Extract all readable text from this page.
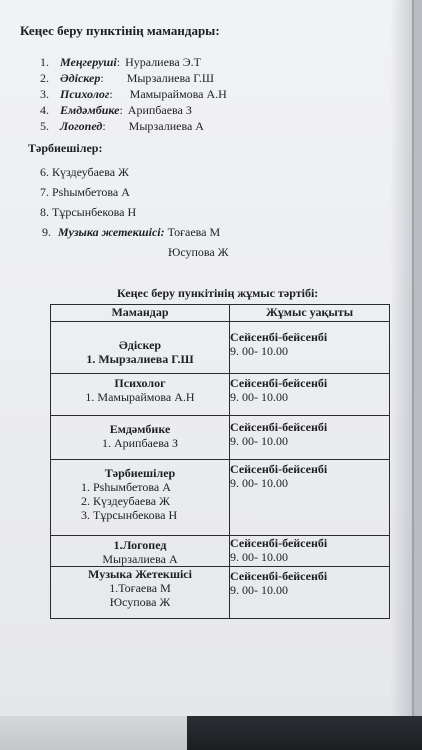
Кеңес беру пунктінің мамандары:
1. Меңгеруші: Нуралиева Э.Т
2. Әдіскер: Мырзалиева Г.Ш
3. Психолог: Мамыраймова А.Н
4. Емдәмбике: Арипбаева З
5. Логопед: Мырзалиева А
Тәрбиешілер:
6. Күздеубаева Ж
7. Рshымбетова А
8. Тұрсынбекова Н
9. Музыка жетекшісі: Тоғаева М
Юсупова Ж
Кеңес беру пункітінің жұмыс тәртібі:
Мамандар	Жұмыс уақыты

Әдіскер
1. Мырзалиева Г.Ш	Сейсенбі-бейсенбі
9. 00- 10.00

Психолог
1. Мамыраймова А.Н	Сейсенбі-бейсенбі
9. 00- 10.00

Емдәмбике
1. Арипбаева З	Сейсенбі-бейсенбі
9. 00- 10.00

Тәрбиешілер
1. Рshымбетова А
2. Күздеубаева Ж
3. Тұрсынбекова Н	Сейсенбі-бейсенбі
9. 00- 10.00

1.Логопед
Мырзалиева А	Сейсенбі-бейсенбі
9. 00- 10.00

Музыка Жетекшісі
1.Тоғаева М
Юсупова Ж	Сейсенбі-бейсенбі
9. 00- 10.00
